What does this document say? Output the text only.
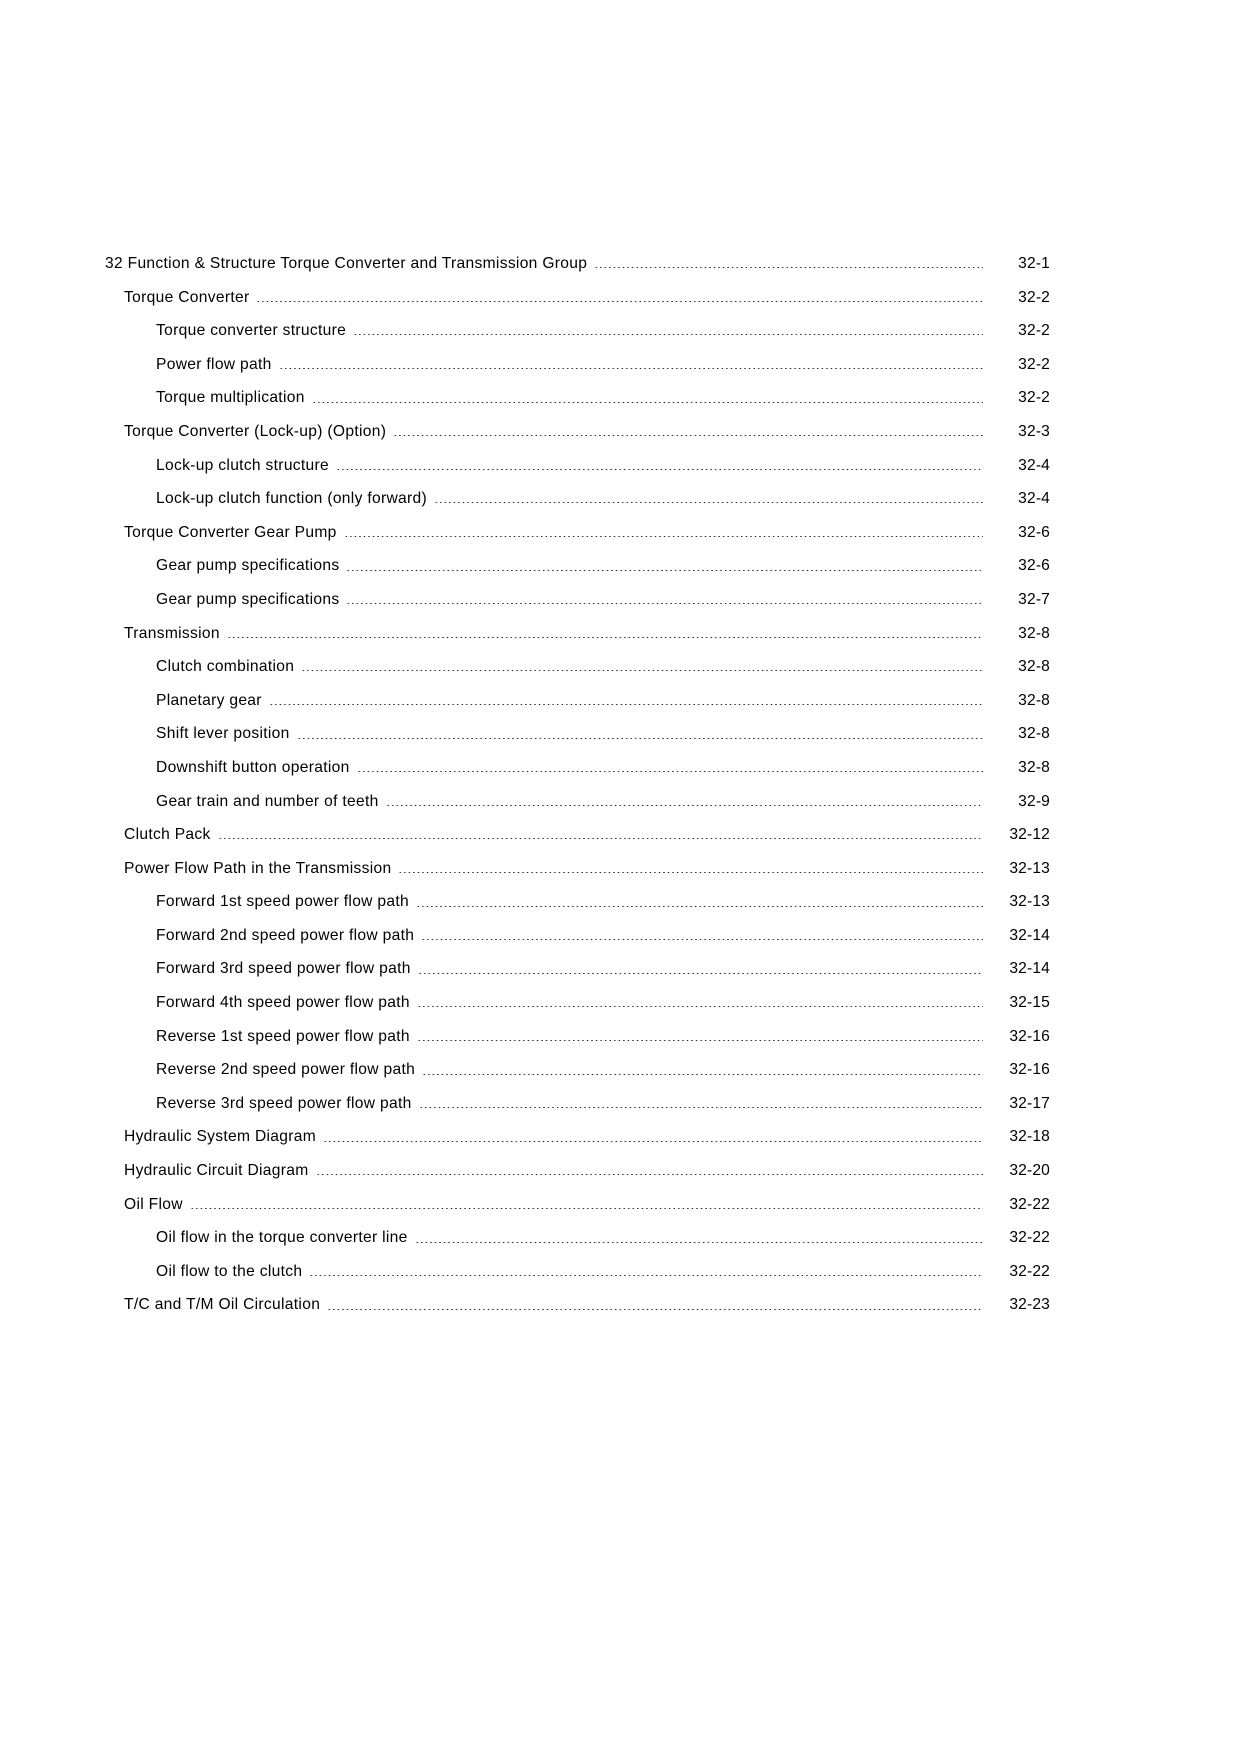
32 Function & Structure Torque Converter and Transmission Group	32-1
Torque Converter	32-2
Torque converter structure	32-2
Power flow path	32-2
Torque multiplication	32-2
Torque Converter (Lock-up) (Option)	32-3
Lock-up clutch structure	32-4
Lock-up clutch function (only forward)	32-4
Torque Converter Gear Pump	32-6
Gear pump specifications	32-6
Gear pump specifications	32-7
Transmission	32-8
Clutch combination	32-8
Planetary gear	32-8
Shift lever position	32-8
Downshift button operation	32-8
Gear train and number of teeth	32-9
Clutch Pack	32-12
Power Flow Path in the Transmission	32-13
Forward 1st speed power flow path	32-13
Forward 2nd speed power flow path	32-14
Forward 3rd speed power flow path	32-14
Forward 4th speed power flow path	32-15
Reverse 1st speed power flow path	32-16
Reverse 2nd speed power flow path	32-16
Reverse 3rd speed power flow path	32-17
Hydraulic System Diagram	32-18
Hydraulic Circuit Diagram	32-20
Oil Flow	32-22
Oil flow in the torque converter line	32-22
Oil flow to the clutch	32-22
T/C and T/M Oil Circulation	32-23
